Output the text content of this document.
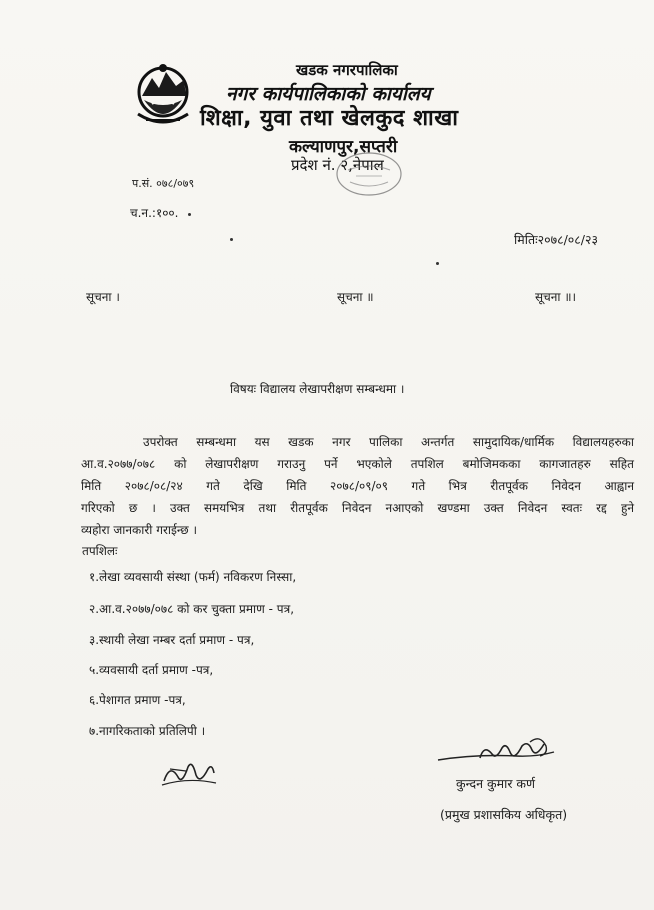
खडक नगरपालिका
नगर कार्यपालिकाको कार्यालय
शिक्षा, युवा तथा खेलकुद शाखा
कल्याणपुर,सप्तरी
प्रदेश नं. २,नेपाल
प.सं. ०७८/०७९
च.न.:१००.
मितिः२०७८/०८/२३
सूचना ।	सूचना ॥	सूचना ॥।
विषयः विद्यालय लेखापरीक्षण सम्बन्धमा ।
उपरोक्त सम्बन्धमा यस खडक नगर पालिका अन्तर्गत सामुदायिक/धार्मिक विद्यालयहरुका
आ.व.२०७७/०७८ को लेखापरीक्षण गराउनु पर्ने भएकोले तपशिल बमोजिमकका कागजातहरु सहित
मिति २०७८/०८/२४ गते देखि मिति २०७८/०९/०९ गते भित्र रीतपूर्वक निवेदन आह्वान
गरिएको छ । उक्त समयभित्र तथा रीतपूर्वक निवेदन नआएको खण्डमा उक्त निवेदन स्वतः रद्द हुने
व्यहोरा जानकारी गराईन्छ ।
तपशिलः
१.लेखा व्यवसायी संस्था (फर्म) नविकरण निस्सा,
२.आ.व.२०७७/०७८ को कर चुक्ता प्रमाण - पत्र,
३.स्थायी लेखा नम्बर दर्ता प्रमाण - पत्र,
५.व्यवसायी दर्ता प्रमाण -पत्र,
६.पेशागत प्रमाण -पत्र,
७.नागरिकताको प्रतिलिपी ।
कुन्दन कुमार कर्ण
(प्रमुख प्रशासकिय अधिकृत)
